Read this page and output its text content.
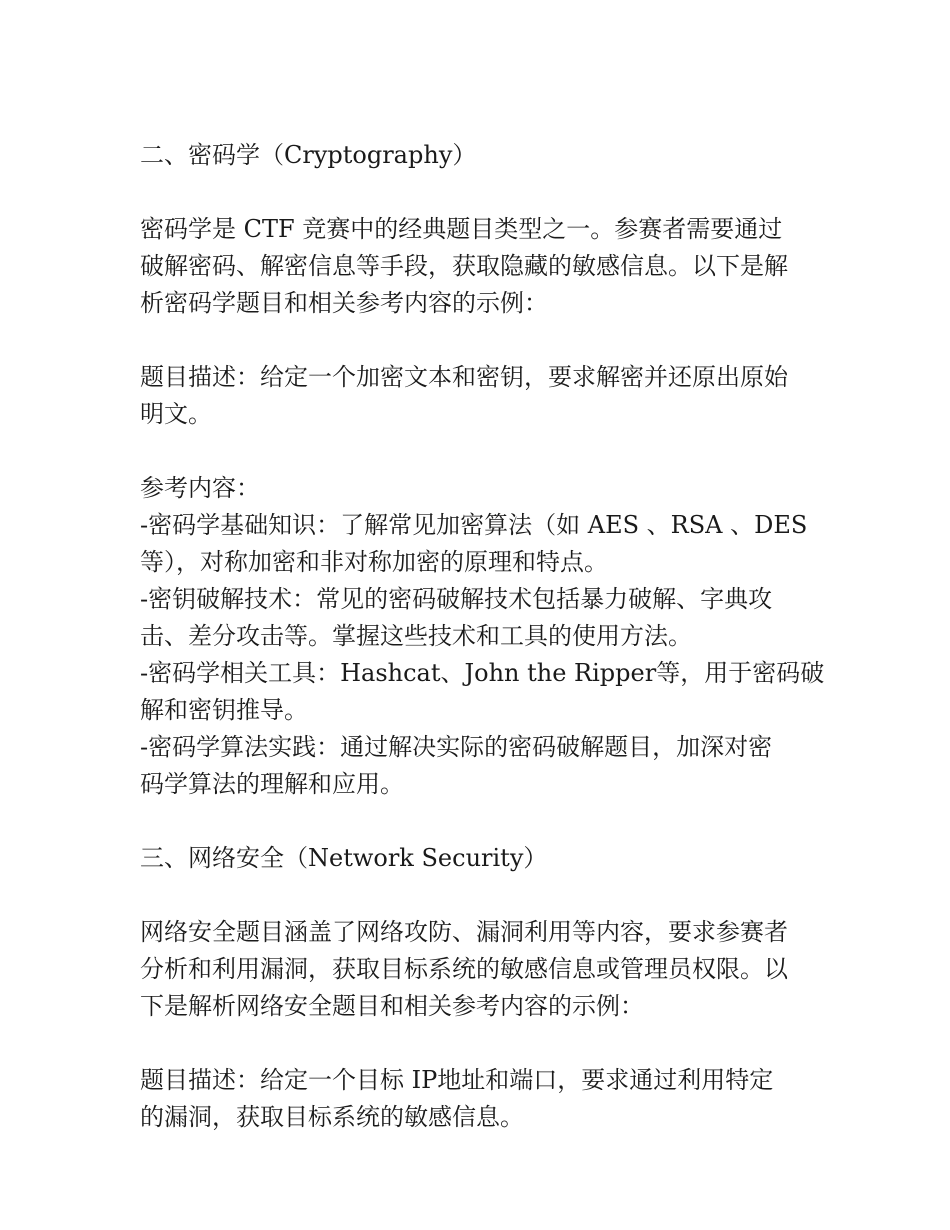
二、密码学（Cryptography）
密码学是 CTF 竞赛中的经典题目类型之一。参赛者需要通过
破解密码、解密信息等手段，获取隐藏的敏感信息。以下是解
析密码学题目和相关参考内容的示例：
题目描述：给定一个加密文本和密钥，要求解密并还原出原始
明文。
参考内容：
-密码学基础知识：了解常见加密算法（如 AES 、RSA 、DES
等），对称加密和非对称加密的原理和特点。
-密钥破解技术：常见的密码破解技术包括暴力破解、字典攻
击、差分攻击等。掌握这些技术和工具的使用方法。
-密码学相关工具：Hashcat、John the Ripper等，用于密码破
解和密钥推导。
-密码学算法实践：通过解决实际的密码破解题目，加深对密
码学算法的理解和应用。
三、网络安全（Network Security）
网络安全题目涵盖了网络攻防、漏洞利用等内容，要求参赛者
分析和利用漏洞，获取目标系统的敏感信息或管理员权限。以
下是解析网络安全题目和相关参考内容的示例：
题目描述：给定一个目标 IP地址和端口，要求通过利用特定
的漏洞，获取目标系统的敏感信息。
